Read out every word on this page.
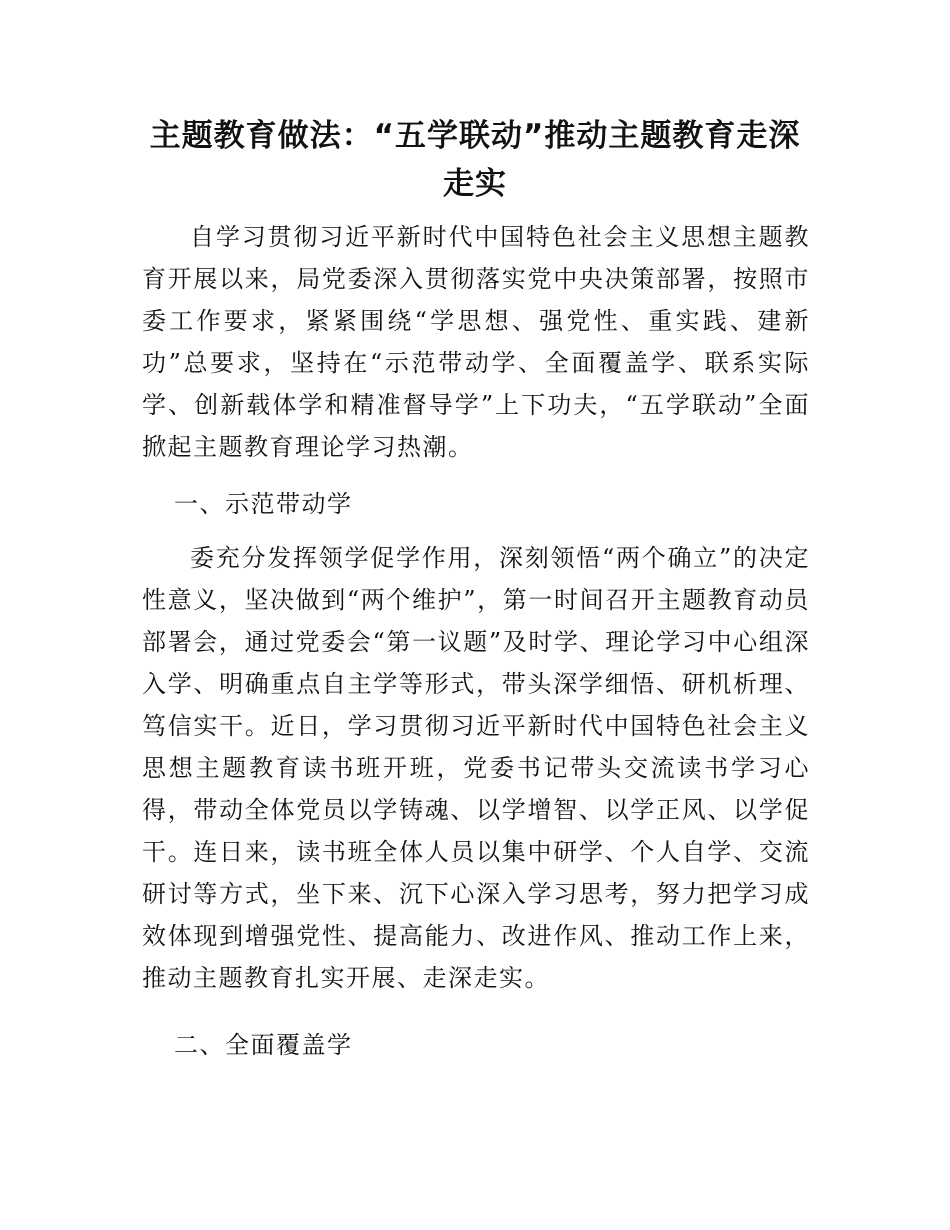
主题教育做法：“五学联动”推动主题教育走深走实

自学习贯彻习近平新时代中国特色社会主义思想主题教育开展以来，局党委深入贯彻落实党中央决策部署，按照市委工作要求，紧紧围绕“学思想、强党性、重实践、建新功”总要求，坚持在“示范带动学、全面覆盖学、联系实际学、创新载体学和精准督导学”上下功夫，“五学联动”全面掀起主题教育理论学习热潮。

一、示范带动学

委充分发挥领学促学作用，深刻领悟“两个确立”的决定性意义，坚决做到“两个维护”，第一时间召开主题教育动员部署会，通过党委会“第一议题”及时学、理论学习中心组深入学、明确重点自主学等形式，带头深学细悟、研机析理、笃信实干。近日，学习贯彻习近平新时代中国特色社会主义思想主题教育读书班开班，党委书记带头交流读书学习心得，带动全体党员以学铸魂、以学增智、以学正风、以学促干。连日来，读书班全体人员以集中研学、个人自学、交流研讨等方式，坐下来、沉下心深入学习思考，努力把学习成效体现到增强党性、提高能力、改进作风、推动工作上来，推动主题教育扎实开展、走深走实。

二、全面覆盖学
